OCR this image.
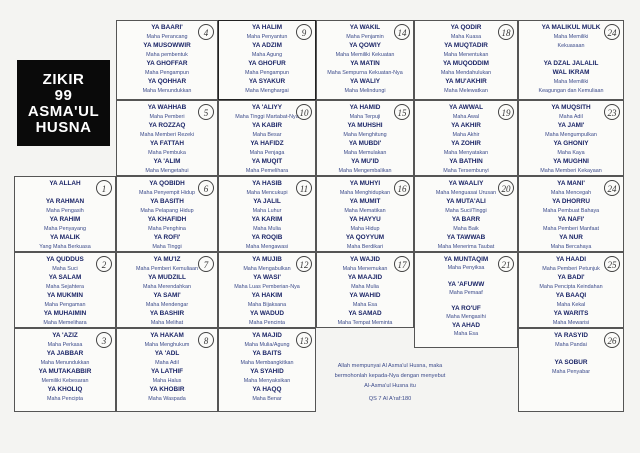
ZIKIR
99
ASMA'UL
HUSNA
YA BAARI'
Maha Perancang
YA MUSOWWIR
Maha pembentuk
YA GHOFFAR
Maha Pengampun
YA QOHHAR
Maha Menundukkan
4
YA HALIM
Maha Penyantun
YA ADZIM
Maha Agung
YA GHOFUR
Maha Pengampun
YA SYAKUR
Maha Menghargai
9
YA WAKIL
Maha Penjamin
YA QOWIY
Maha Memiliki Kekuatan
YA MATIN
Maha Sempurna Kekuatan-Nya
YA WALIY
Maha Melindungi
14
YA QODIR
Maha Kuasa
YA MUQTADIR
Maha Menentukan
YA MUQODDIM
Maha Mendahulukan
YA MU'AKHIR
Maha Melewatkan
18
YA MALIKUL MULK
Maha Memiliki
Kekuasaan
YA DZAL JALALIL
WAL IKRAM
Maha Memiliki
Keagungan dan Kemuliaan
24
YA WAHHAB
Maha Pemberi
YA ROZZAQ
Maha Memberi Rezeki
YA FATTAH
Maha Pembuka
YA 'ALIM
Maha Mengetahui
5
YA 'ALIYY
Maha Tinggi Martabat-Nya
YA KABIR
Maha Besar
YA HAFIDZ
Maha Penjaga
YA MUQIT
Maha Pemelihara
10
YA HAMID
Maha Terpuji
YA MUHSHI
Maha Menghitung
YA MUBDI'
Maha Memulakan
YA MU'ID
Maha Mengembalikan
15
YA AWWAL
Maha Awal
YA AKHIR
Maha Akhir
YA ZOHIR
Maha Menyatakan
YA BATHIN
Maha Tersembunyi
19
YA MUQSITH
Maha Adil
YA JAMI'
Maha Mengumpulkan
YA GHONIY
Maha Kaya
YA MUGHNI
Maha Memberi Kekayaan
23
YA ALLAH
YA RAHMAN
Maha Pengasih
YA RAHIM
Maha Penyayang
YA MALIK
Yang Maha Berkuasa
1
YA QOBIDH
Maha Penyempit Hidup
YA BASITH
Maha Pelapang Hidup
YA KHAFIDH
Maha Penghina
YA ROFI'
Maha Tinggi
6
YA HASIB
Maha Mencukupi
YA JALIL
Maha Luhur
YA KARIM
Maha Mulia
YA ROQIB
Maha Mengawasi
11
YA MUHYI
Maha Menghidupkan
YA MUMIT
Maha Mematikan
YA HAYYU
Maha Hidup
YA QOYYUM
Maha Berdikari
16
YA WAALIY
Maha Menguasai Urusan
YA MUTA'ALI
Maha Suci/Tinggi
YA BARR
Maha Baik
YA TAWWAB
Maha Menerima Taubat
20
YA MANI'
Maha Mencegah
YA DHORRU
Maha Pembuat Bahaya
YA NAFI'
Maha Pemberi Manfaat
YA NUR
Maha Bercahaya
24
YA QUDDUS
Maha Suci
YA SALAM
Maha Sejahtera
YA MUKMIN
Maha Pengaman
YA MUHAIMIN
Maha Memelihara
2
YA MU'IZ
Maha Pemberi Kemuliaan
YA MUDZILL
Maha Merendahkan
YA SAMI'
Maha Mendengar
YA BASHIR
Maha Melihat
7
YA MUJIB
Maha Mengabulkan
YA WASI'
Maha Luas Pemberian-Nya
YA HAKIM
Maha Bijaksana
YA WADUD
Maha Pencinta
12
YA WAJID
Maha Menemukan
YA MAAJID
Maha Mulia
YA WAHID
Maha Esa
YA SAMAD
Maha Tempat Meminta
17
YA MUNTAQIM
Maha Penyiksa
YA 'AFUWW
Maha Pemaaf
YA RO'UF
Maha Mengasihi
YA AHAD
Maha Esa
21
YA HAADI
Maha Pemberi Petunjuk
YA BADI'
Maha Pencipta Keindahan
YA BAAQI
Maha Kekal
YA WARITS
Maha Mewarisi
25
YA 'AZIZ
Maha Perkasa
YA JABBAR
Maha Menundukkan
YA MUTAKABBIR
Memiliki Kebesaran
YA KHOLIQ
Maha Pencipta
3
YA HAKAM
Maha Menghukum
YA 'ADL
Maha Adil
YA LATHIF
Maha Halus
YA KHOBIR
Maha Waspada
8
YA MAJID
Maha Mulia/Agung
YA BAITS
Maha Membangkitkan
YA SYAHID
Maha Menyaksikan
YA HAQQ
Maha Benar
13
YA RASYID
Maha Pandai
YA SOBUR
Maha Penyabar
26
Allah mempunyai Al Asma'ul Husna, maka
bermohonlah kepada-Nya dengan menyebut
Al-Asma'ul Husna itu
QS 7 Al A'raf:180
